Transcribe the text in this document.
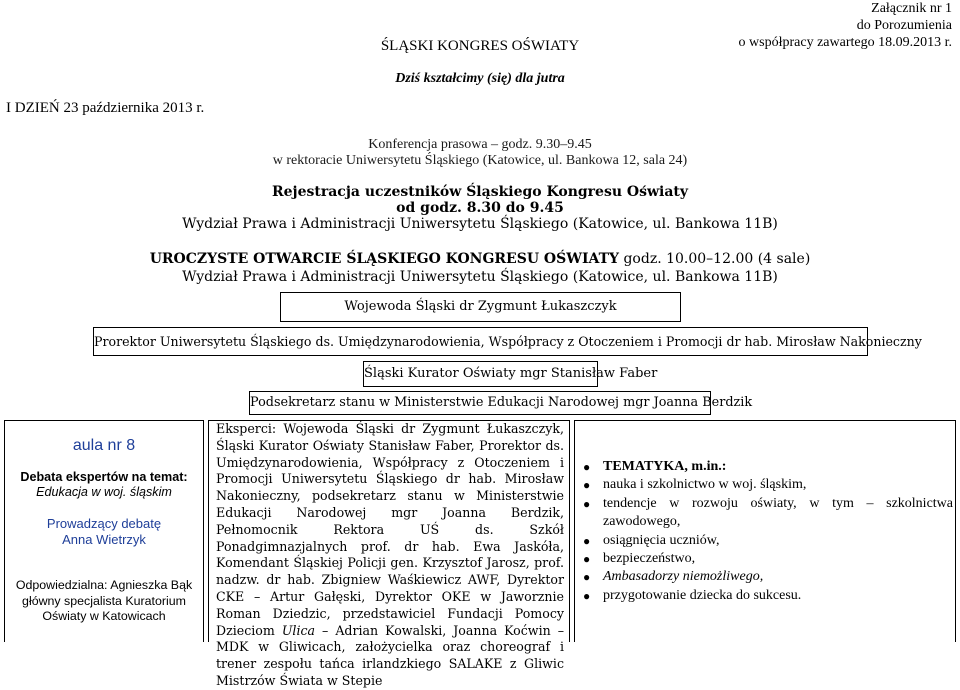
Załącznik nr 1
do Porozumienia
o współpracy zawartego 18.09.2013 r.
ŚLĄSKI KONGRES OŚWIATY
Dziś kształcimy (się) dla jutra
I DZIEŃ 23 października 2013 r.
Konferencja prasowa – godz. 9.30–9.45
w rektoracie Uniwersytetu Śląskiego (Katowice, ul. Bankowa 12, sala 24)
Rejestracja uczestników Śląskiego Kongresu Oświaty
od godz. 8.30 do 9.45
Wydział Prawa i Administracji Uniwersytetu Śląskiego (Katowice, ul. Bankowa 11B)
UROCZYSTE OTWARCIE ŚLĄSKIEGO KONGRESU OŚWIATY godz. 10.00–12.00 (4 sale)
Wydział Prawa i Administracji Uniwersytetu Śląskiego (Katowice, ul. Bankowa 11B)
Wojewoda Śląski dr Zygmunt Łukaszczyk
Prorektor Uniwersytetu Śląskiego ds. Umiędzynarodowienia, Współpracy z Otoczeniem i Promocji dr hab. Mirosław Nakonieczny
Śląski Kurator Oświaty mgr Stanisław Faber
Podsekretarz stanu w Ministerstwie Edukacji Narodowej mgr Joanna Berdzik
aula nr 8
Debata ekspertów na temat:
Edukacja w woj. śląskim
Prowadzący debatę
Anna Wietrzyk
Odpowiedzialna: Agnieszka Bąk
główny specjalista Kuratorium
Oświaty w Katowicach
Eksperci: Wojewoda Śląski dr Zygmunt Łukaszczyk, Śląski Kurator Oświaty Stanisław Faber, Prorektor ds. Umiędzynarodowienia, Współpracy z Otoczeniem i Promocji Uniwersytetu Śląskiego dr hab. Mirosław Nakonieczny, podsekretarz stanu w Ministerstwie Edukacji Narodowej mgr Joanna Berdzik, Pełnomocnik Rektora UŚ ds. Szkół Ponadgimnazjalnych prof. dr hab. Ewa Jaskóła, Komendant Śląskiej Policji gen. Krzysztof Jarosz, prof. nadzw. dr hab. Zbigniew Waśkiewicz AWF, Dyrektor CKE – Artur Gałęski, Dyrektor OKE w Jaworznie Roman Dziedzic, przedstawiciel Fundacji Pomocy Dzieciom Ulica – Adrian Kowalski, Joanna Koćwin – MDK w Gliwicach, założycielka oraz choreograf i trener zespołu tańca irlandzkiego SALAKE z Gliwic Mistrzów Świata w Stepie
● TEMATYKA, m.in.:
● nauka i szkolnictwo w woj. śląskim,
● tendencje w rozwoju oświaty, w tym – szkolnictwa zawodowego,
● osiągnięcia uczniów,
● bezpieczeństwo,
● Ambasadorzy niemożliwego,
● przygotowanie dziecka do sukcesu.
